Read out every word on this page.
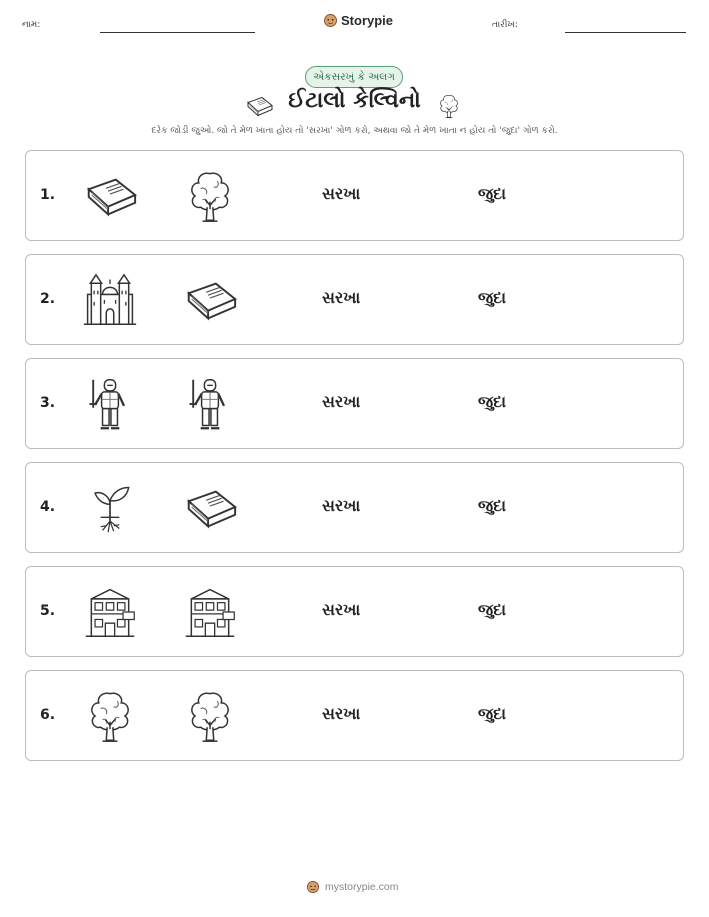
નામ:	Storypie	તારીખ:
એકસરખું કે અલગ
ઈટાલો કેલ્વિનો
દરેક જોડી જુઓ. જો તે મેળ ખાતા હોય તો 'સરખા' ગોળ કરો, અથવા જો તે મેળ ખાતા ન હોય તો 'જુદા' ગોળ કરો.
1.	સરખા	જુદા
2.	સરખા	જુદા
3.	સરખા	જુદા
4.	સરખા	જુદા
5.	સરખા	જુદા
6.	સરખા	જુદા
mystorypie.com
